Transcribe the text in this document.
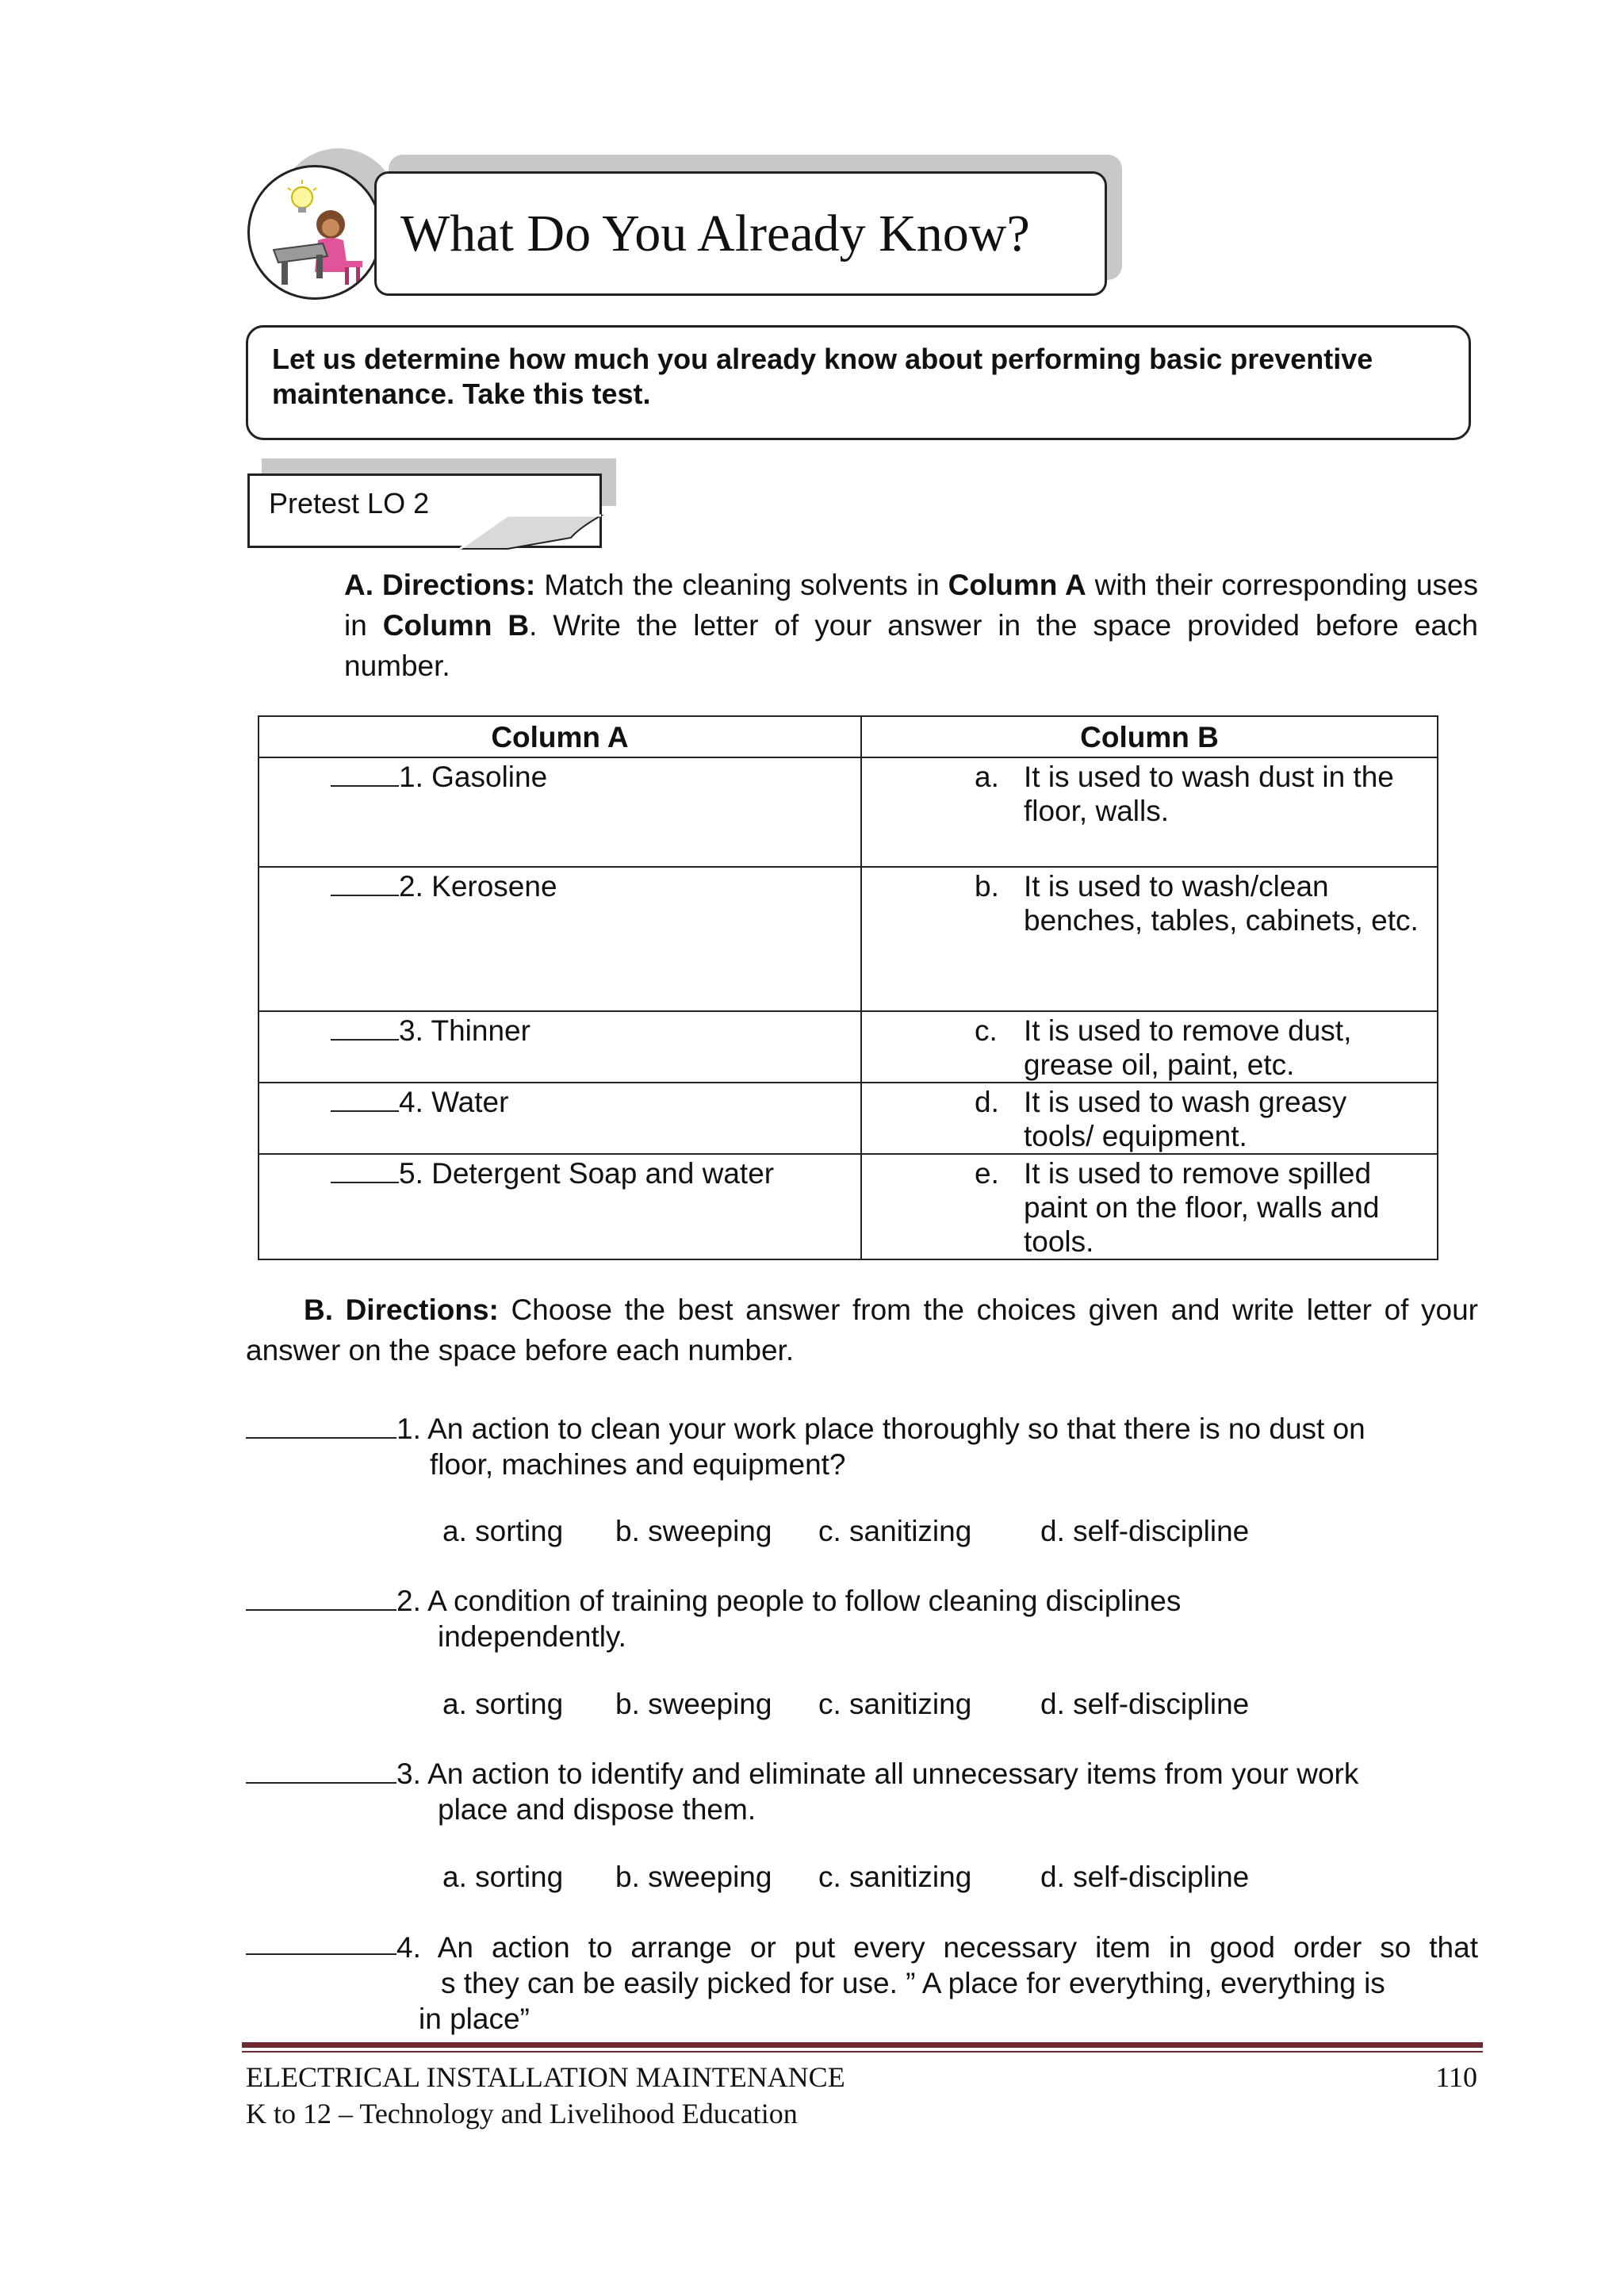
What Do You Already Know?
Let us determine how much you already know about performing basic preventive maintenance. Take this test.
Pretest LO 2
A. Directions: Match the cleaning solvents in Column A with their corresponding uses in Column B. Write the letter of your answer in the space provided before each number.
Column A	Column B
1. Gasoline	a. It is used to wash dust in the floor, walls.

2. Kerosene	b. It is used to wash/clean benches, tables, cabinets, etc.

3. Thinner	c. It is used to remove dust, grease oil, paint, etc.

4. Water	d. It is used to wash greasy tools/ equipment.

5. Detergent Soap and water	e. It is used to remove spilled paint on the floor, walls and tools.
B. Directions: Choose the best answer from the choices given and write letter of your answer on the space before each number.
1. An action to clean your work place thoroughly so that there is no dust on
floor, machines and equipment?
a. sorting b. sweeping c. sanitizing d. self-discipline
2. A condition of training people to follow cleaning disciplines
independently.
a. sorting b. sweeping c. sanitizing d. self-discipline
3. An action to identify and eliminate all unnecessary items from your work
place and dispose them.
a. sorting b. sweeping c. sanitizing d. self-discipline
4.  An  action  to  arrange  or  put  every  necessary  item  in  good  order  so  that
s they can be easily picked for use. ” A place for everything, everything is
in place”
ELECTRICAL INSTALLATION MAINTENANCE
K to 12 – Technology and Livelihood Education
110
